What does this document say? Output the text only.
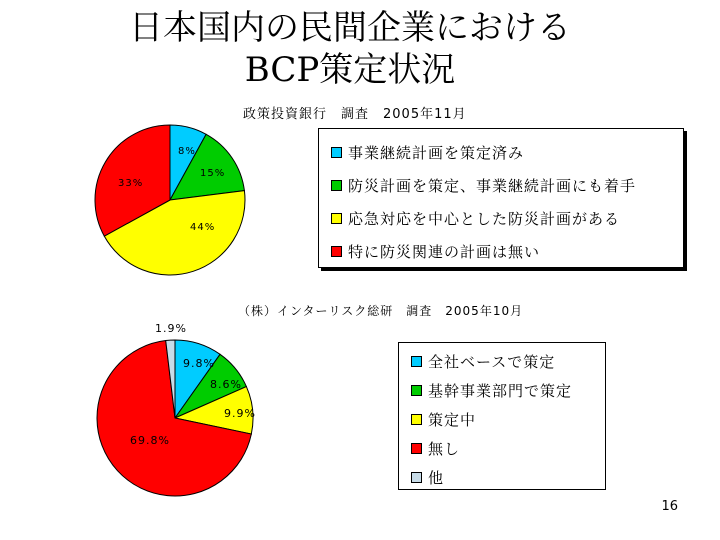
日本国内の民間企業における
BCP策定状況
政策投資銀行　調査　2005年11月
8%
15%
44%
33%
事業継続計画を策定済み
防災計画を策定、事業継続計画にも着手
応急対応を中心とした防災計画がある
特に防災関連の計画は無い
（株）インターリスク総研　調査　2005年10月
9.8%
8.6%
9.9%
69.8%
1.9%
全社ベースで策定
基幹事業部門で策定
策定中
無し
他
16
